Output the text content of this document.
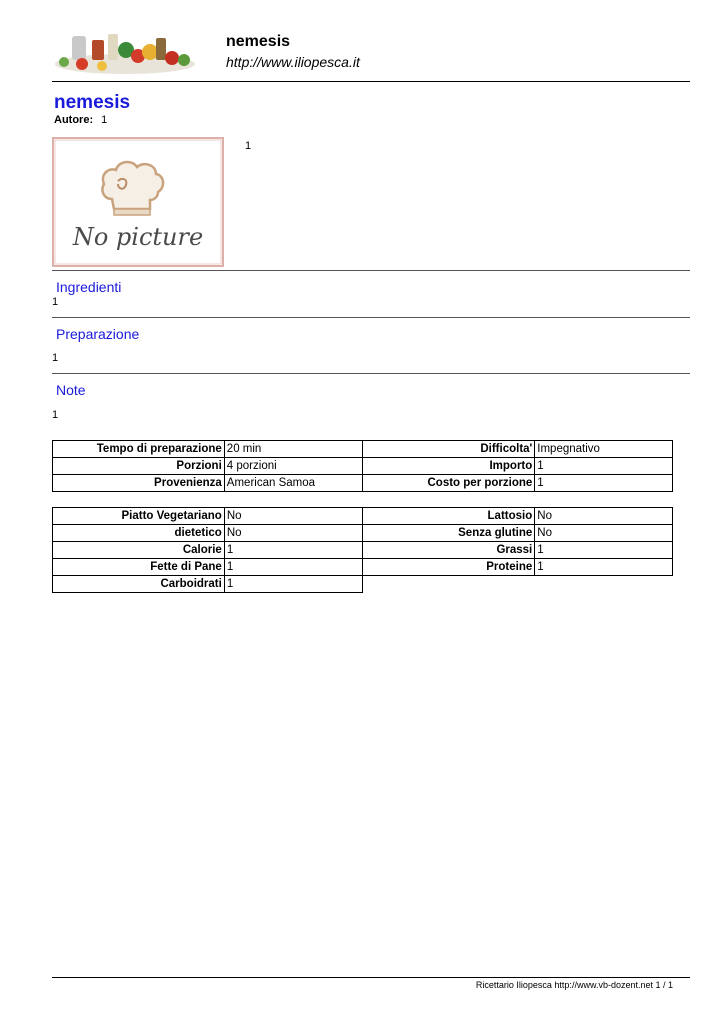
nemesis
http://www.iliopesca.it
nemesis
Autore: 1
No picture
1
Ingredienti
1
Preparazione
1
Note
1
Tempo di preparazione	20 min	Difficolta'	Impegnativo
Porzioni	4 porzioni	Importo	1
Provenienza	American Samoa	Costo per porzione	1
Piatto Vegetariano	No	Lattosio	No
dietetico	No	Senza glutine	No
Calorie	1	Grassi	1
Fette di Pane	1	Proteine	1
Carboidrati	1		
Ricettario Iliopesca http://www.vb-dozent.net 1 / 1
